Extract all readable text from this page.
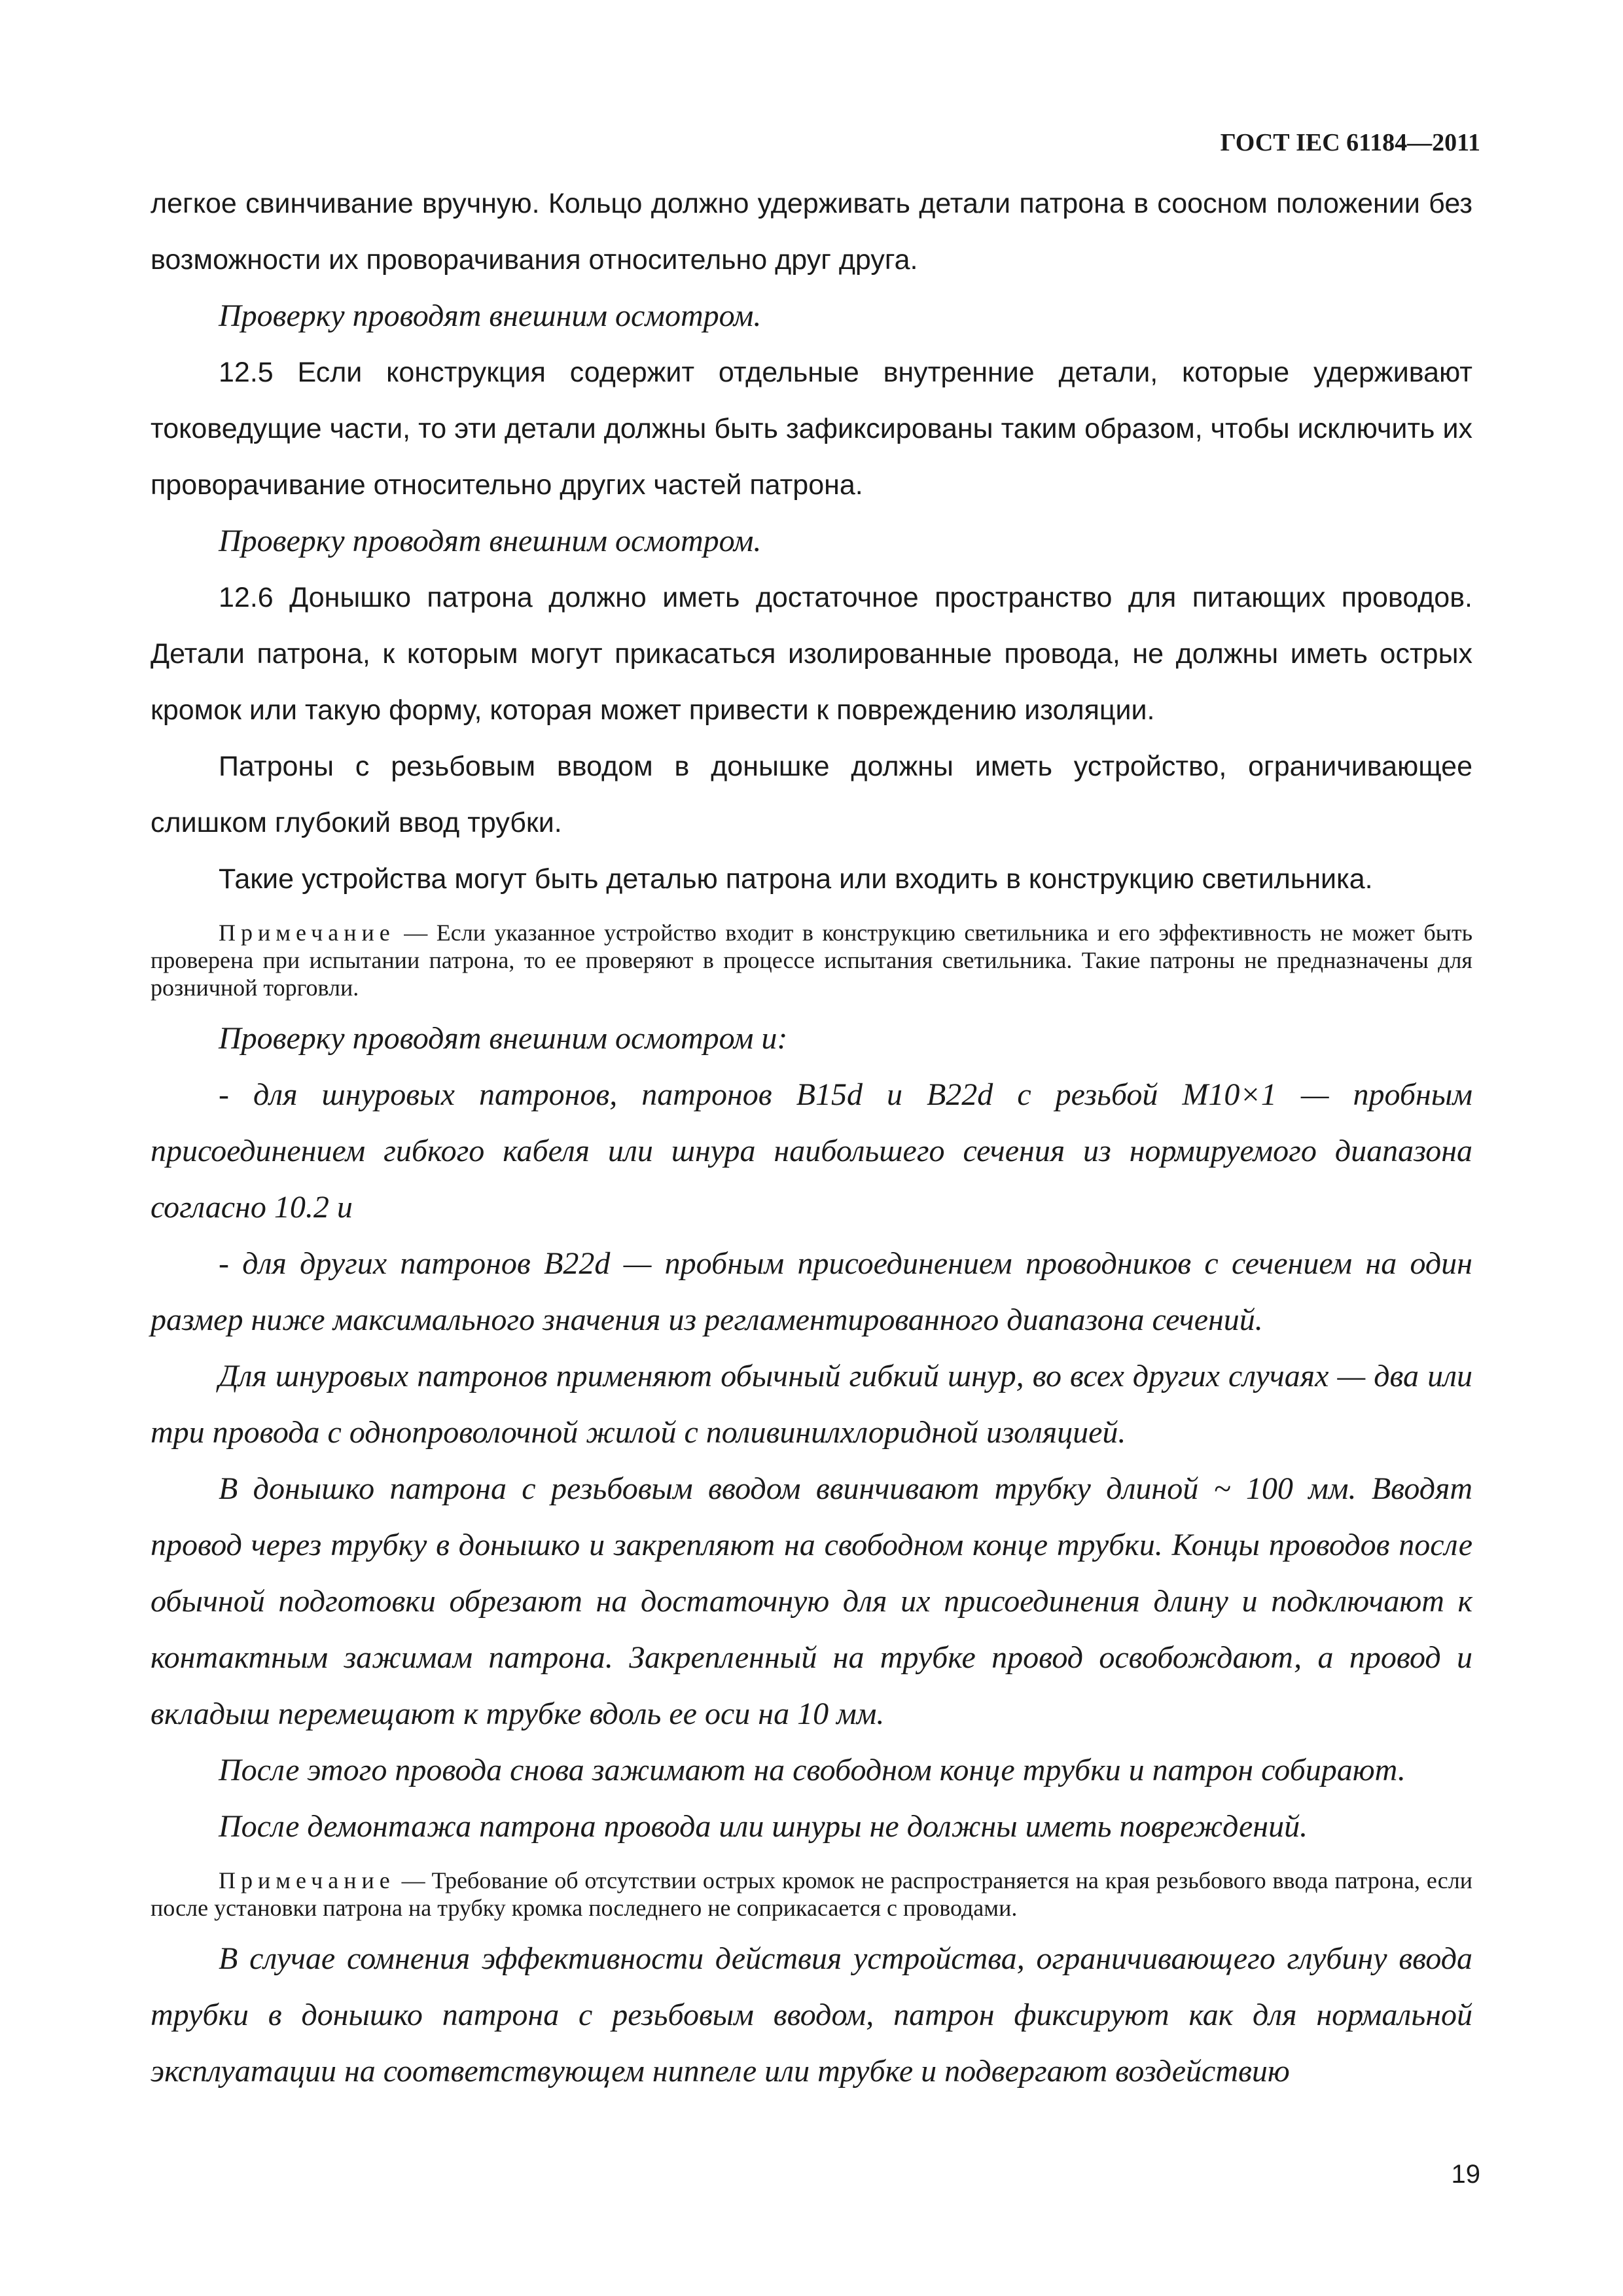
ГОСТ IEC 61184—2011

легкое свинчивание вручную. Кольцо должно удерживать детали патрона в соосном положении без возможности их проворачивания относительно друг друга.

Проверку проводят внешним осмотром.

12.5 Если конструкция содержит отдельные внутренние детали, которые удерживают токоведущие части, то эти детали должны быть зафиксированы таким образом, чтобы исключить их проворачивание относительно других частей патрона.

Проверку проводят внешним осмотром.

12.6 Донышко патрона должно иметь достаточное пространство для питающих проводов. Детали патрона, к которым могут прикасаться изолированные провода, не должны иметь острых кромок или такую форму, которая может привести к повреждению изоляции.

Патроны с резьбовым вводом в донышке должны иметь устройство, ограничивающее слишком глубокий ввод трубки.

Такие устройства могут быть деталью патрона или входить в конструкцию светильника.

Примечание — Если указанное устройство входит в конструкцию светильника и его эффективность не может быть проверена при испытании патрона, то ее проверяют в процессе испытания светильника. Такие патроны не предназначены для розничной торговли.

Проверку проводят внешним осмотром и:

- для шнуровых патронов, патронов B15d и B22d с резьбой M10×1 — пробным присоединением гибкого кабеля или шнура наибольшего сечения из нормируемого диапазона согласно 10.2 и

- для других патронов B22d — пробным присоединением проводников с сечением на один размер ниже максимального значения из регламентированного диапазона сечений.

Для шнуровых патронов применяют обычный гибкий шнур, во всех других случаях — два или три провода с однопроволочной жилой с поливинилхлоридной изоляцией.

В донышко патрона с резьбовым вводом ввинчивают трубку длиной ~ 100 мм. Вводят провод через трубку в донышко и закрепляют на свободном конце трубки. Концы проводов после обычной подготовки обрезают на достаточную для их присоединения длину и подключают к контактным зажимам патрона. Закрепленный на трубке провод освобождают, а провод и вкладыш перемещают к трубке вдоль ее оси на 10 мм.

После этого провода снова зажимают на свободном конце трубки и патрон собирают.

После демонтажа патрона провода или шнуры не должны иметь повреждений.

Примечание — Требование об отсутствии острых кромок не распространяется на края резьбового ввода патрона, если после установки патрона на трубку кромка последнего не соприкасается с проводами.

В случае сомнения эффективности действия устройства, ограничивающего глубину ввода трубки в донышко патрона с резьбовым вводом, патрон фиксируют как для нормальной эксплуатации на соответствующем ниппеле или трубке и подвергают воздействию

19
